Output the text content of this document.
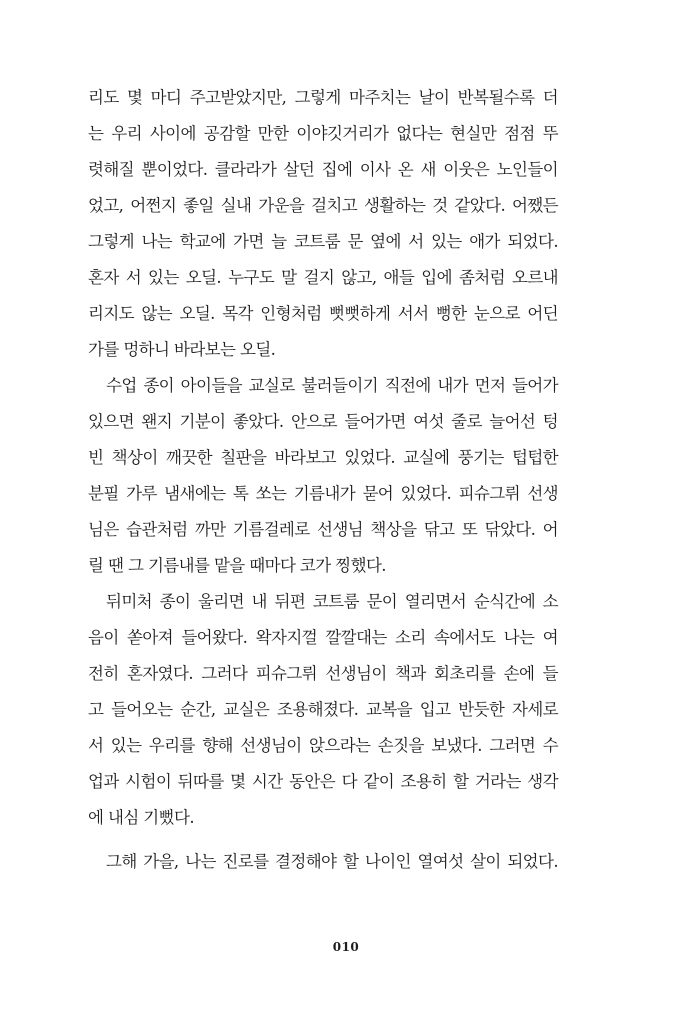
리도 몇 마디 주고받았지만, 그렇게 마주치는 날이 반복될수록 더
는 우리 사이에 공감할 만한 이야깃거리가 없다는 현실만 점점 뚜
렷해질 뿐이었다. 클라라가 살던 집에 이사 온 새 이웃은 노인들이
었고, 어쩐지 좋일 실내 가운을 걸치고 생활하는 것 같았다. 어쨌든
그렇게 나는 학교에 가면 늘 코트룸 문 옆에 서 있는 애가 되었다.
혼자 서 있는 오딜. 누구도 말 걸지 않고, 애들 입에 좀처럼 오르내
리지도 않는 오딜. 목각 인형처럼 뻣뻣하게 서서 뻥한 눈으로 어딘
가를 멍하니 바라보는 오딜.
수업 종이 아이들을 교실로 불러들이기 직전에 내가 먼저 들어가
있으면 왠지 기분이 좋았다. 안으로 들어가면 여섯 줄로 늘어선 텅
빈 책상이 깨끗한 칠판을 바라보고 있었다. 교실에 풍기는 텁텁한
분필 가루 냄새에는 톡 쏘는 기름내가 묻어 있었다. 피슈그뤼 선생
님은 습관처럼 까만 기름걸레로 선생님 책상을 닦고 또 닦았다. 어
릴 땐 그 기름내를 맡을 때마다 코가 찡했다.
뒤미처 종이 울리면 내 뒤편 코트룸 문이 열리면서 순식간에 소
음이 쏟아져 들어왔다. 왁자지껄 깔깔대는 소리 속에서도 나는 여
전히 혼자였다. 그러다 피슈그뤼 선생님이 책과 회초리를 손에 들
고 들어오는 순간, 교실은 조용해졌다. 교복을 입고 반듯한 자세로
서 있는 우리를 향해 선생님이 앉으라는 손짓을 보냈다. 그러면 수
업과 시험이 뒤따를 몇 시간 동안은 다 같이 조용히 할 거라는 생각
에 내심 기뻤다.
그해 가을, 나는 진로를 결정해야 할 나이인 열여섯 살이 되었다.
010
